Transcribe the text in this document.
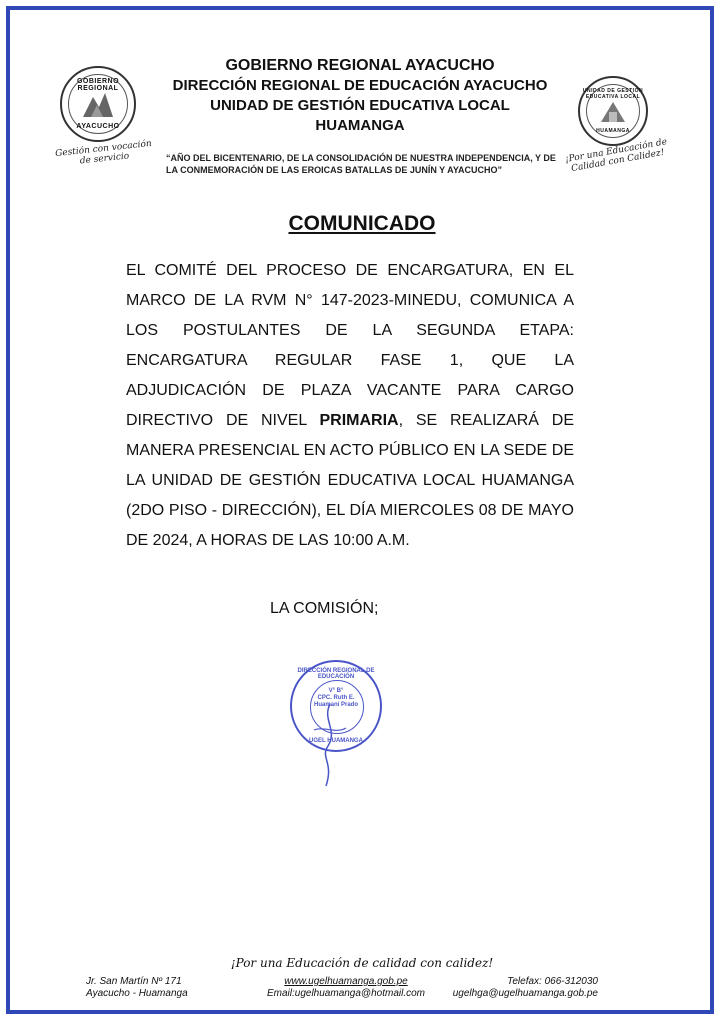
GOBIERNO REGIONAL
AYACUCHO
Gestión con vocación de servicio
GOBIERNO REGIONAL AYACUCHO
DIRECCIÓN REGIONAL DE EDUCACIÓN AYACUCHO
UNIDAD DE GESTIÓN EDUCATIVA LOCAL
HUAMANGA
UNIDAD DE GESTIÓN EDUCATIVA LOCAL
HUAMANGA
¡Por una Educación de Calidad con Calidez!
“AÑO DEL BICENTENARIO, DE LA CONSOLIDACIÓN DE NUESTRA INDEPENDENCIA, Y DE LA CONMEMORACIÓN DE LAS EROICAS BATALLAS DE JUNÍN Y AYACUCHO”
COMUNICADO
EL COMITÉ DEL PROCESO DE ENCARGATURA, EN EL MARCO DE LA RVM N° 147-2023-MINEDU, COMUNICA A LOS POSTULANTES DE LA SEGUNDA ETAPA: ENCARGATURA REGULAR FASE 1, QUE LA ADJUDICACIÓN DE PLAZA VACANTE PARA CARGO DIRECTIVO DE NIVEL PRIMARIA, SE REALIZARÁ DE MANERA PRESENCIAL EN ACTO PÚBLICO EN LA SEDE DE LA UNIDAD DE GESTIÓN EDUCATIVA LOCAL HUAMANGA (2DO PISO - DIRECCIÓN), EL DÍA MIERCOLES 08 DE MAYO DE 2024, A HORAS DE LAS 10:00 A.M.
LA COMISIÓN;
DIRECCIÓN REGIONAL DE EDUCACIÓN
V° B°
CPC. Ruth E.
Huamaní Prado
UGEL HUAMANGA
¡Por una Educación de calidad con calidez!
Jr. San Martín Nº 171
Ayacucho - Huamanga
www.ugelhuamanga.gob.pe
Email:ugelhuamanga@hotmail.com
Telefax: 066-312030
ugelhga@ugelhuamanga.gob.pe
